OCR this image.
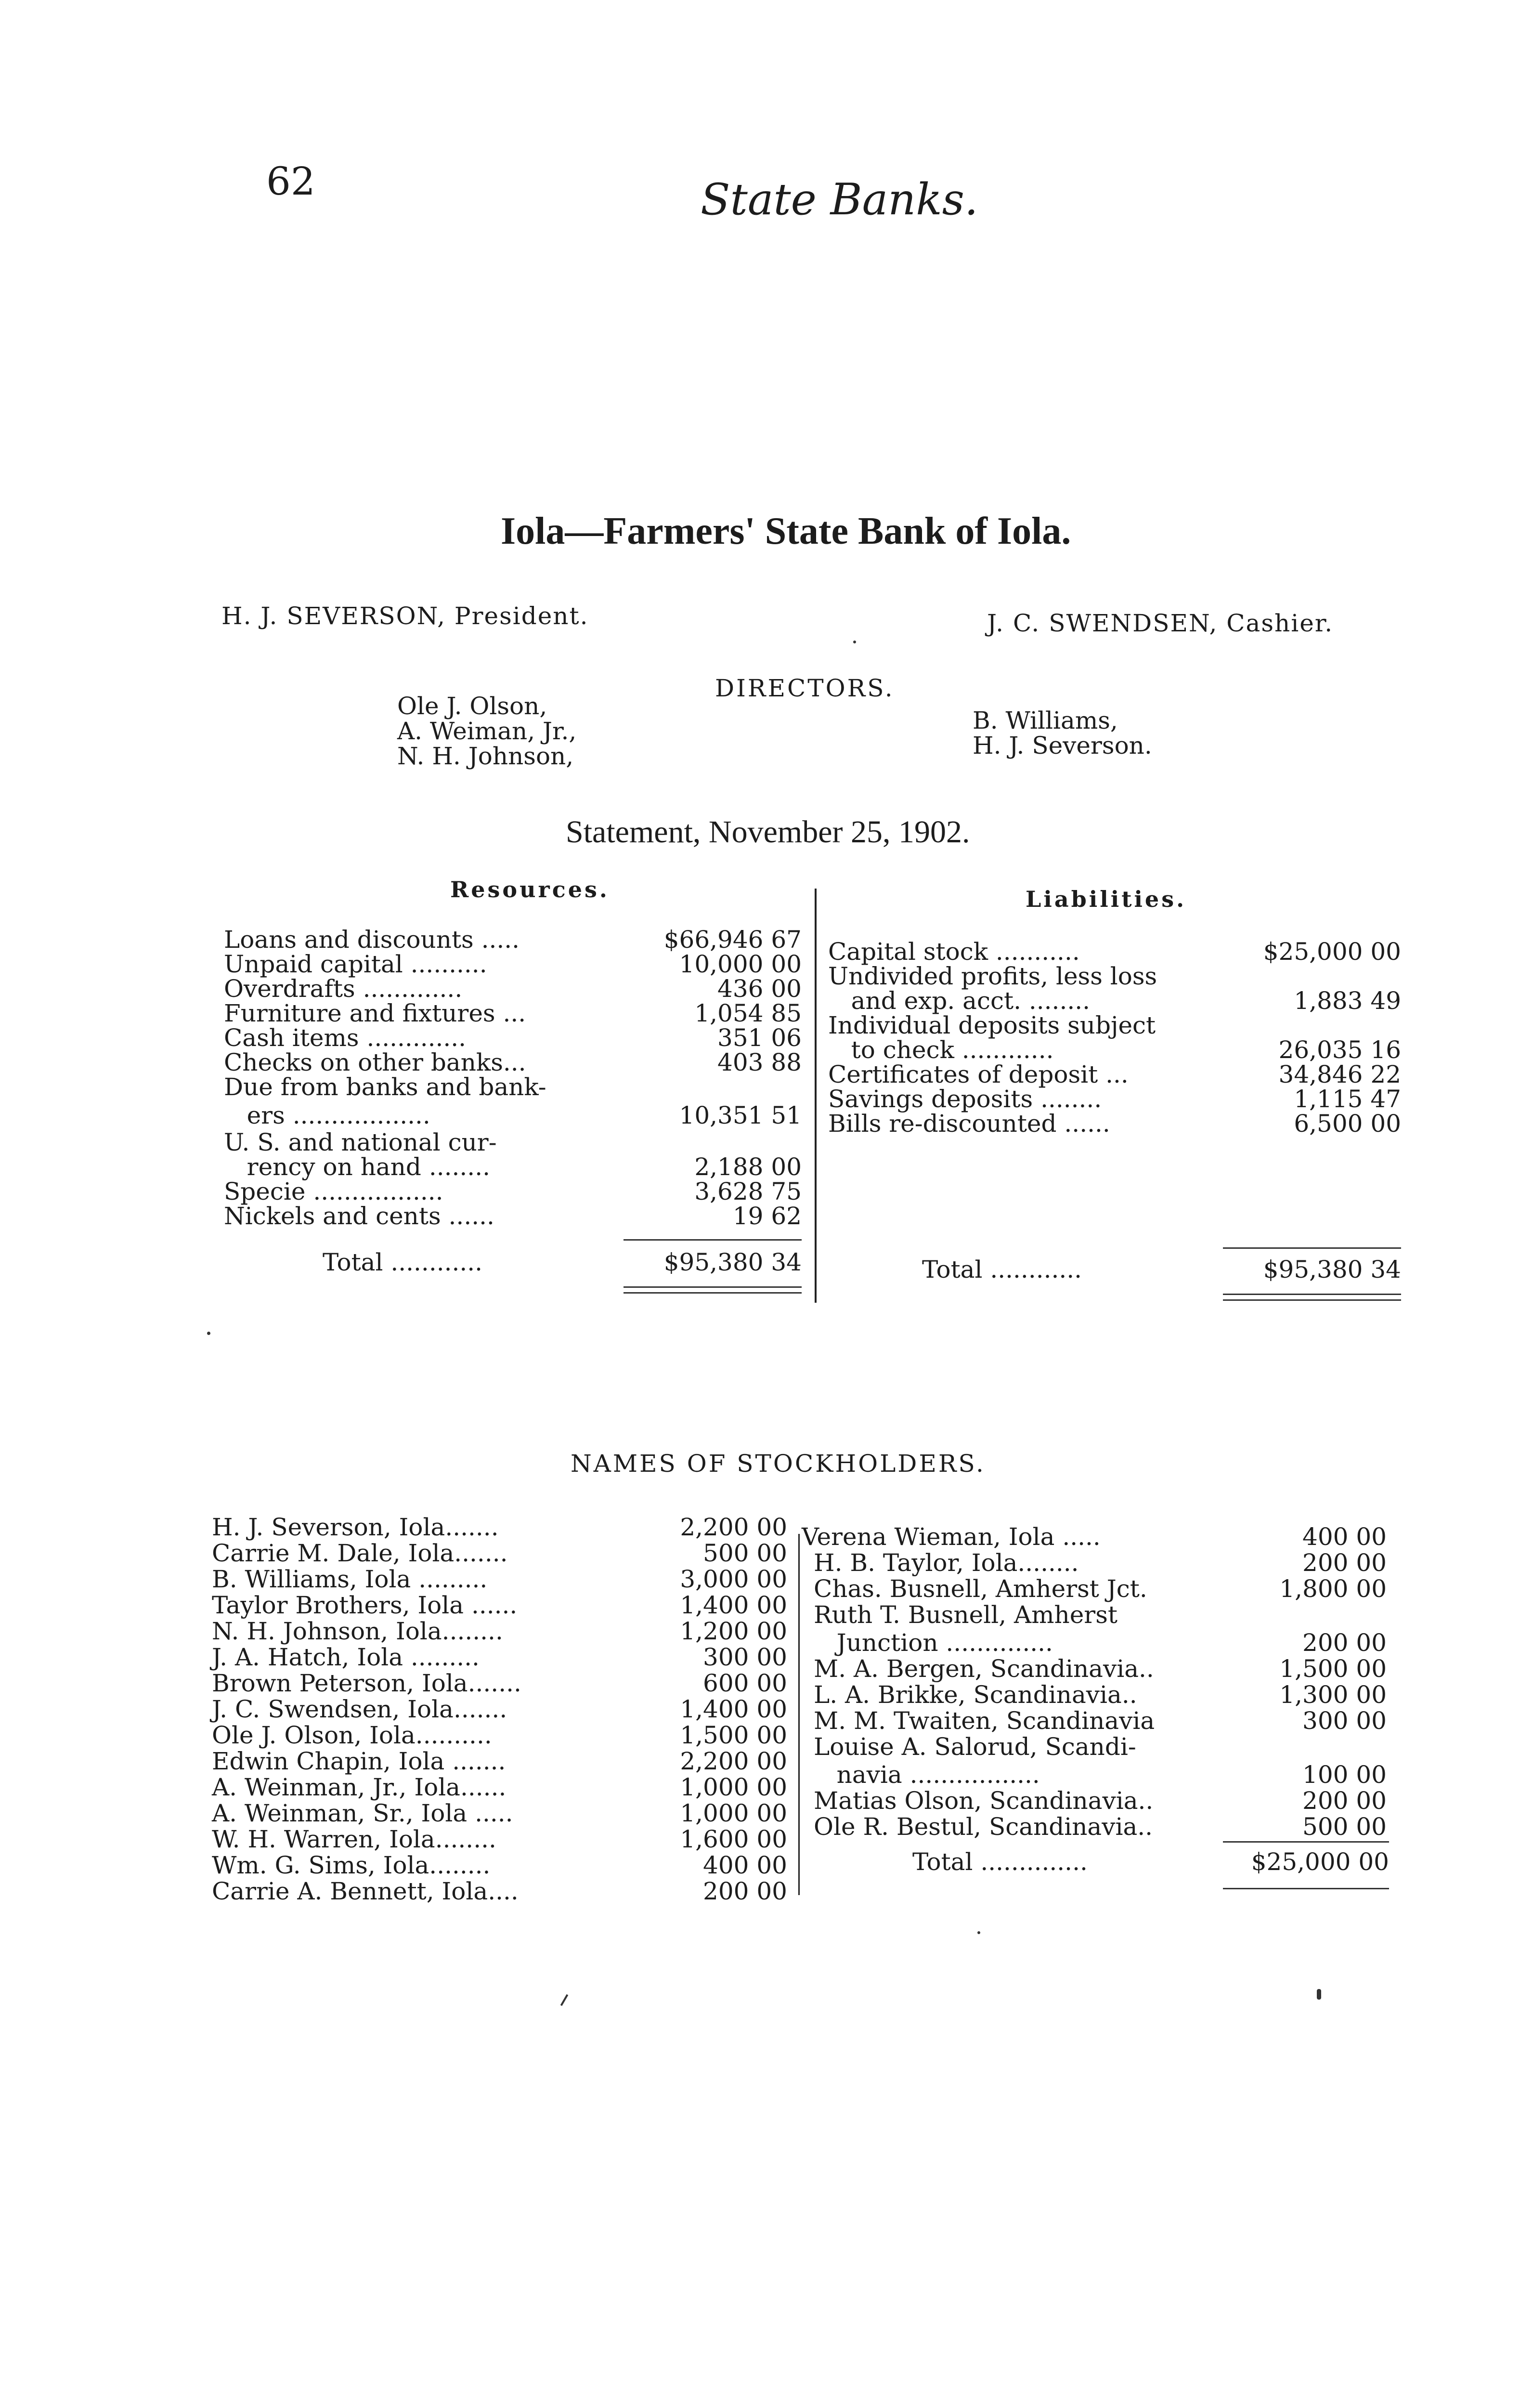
62	State Banks.
Iola—Farmers' State Bank of Iola.
H. J. SEVERSON, President.	J. C. SWENDSEN, Cashier.
DIRECTORS.
Ole J. Olson,
A. Weiman, Jr.,
N. H. Johnson,
B. Williams,
H. J. Severson.
Statement, November 25, 1902.
Resources.	Liabilities.
Loans and discounts .....	$66,946 67
Unpaid capital ..........	10,000 00
Overdrafts .............	436 00
Furniture and fixtures ...	1,054 85
Cash items .............	351 06
Checks on other banks...	403 88
Due from banks and bank-
ers ..................	10,351 51
U. S. and national cur-
rency on hand ........	2,188 00
Specie .................	3,628 75
Nickels and cents ......	19 62
Total ............	$95,380 34
Capital stock ...........	$25,000 00
Undivided profits, less loss
and exp. acct. ........	1,883 49
Individual deposits subject
to check ............	26,035 16
Certificates of deposit ...	34,846 22
Savings deposits ........	1,115 47
Bills re-discounted ......	6,500 00
Total ............	$95,380 34
NAMES OF STOCKHOLDERS.
H. J. Severson, Iola.......	2,200 00
Carrie M. Dale, Iola.......	500 00
B. Williams, Iola .........	3,000 00
Taylor Brothers, Iola ......	1,400 00
N. H. Johnson, Iola........	1,200 00
J. A. Hatch, Iola .........	300 00
Brown Peterson, Iola.......	600 00
J. C. Swendsen, Iola.......	1,400 00
Ole J. Olson, Iola..........	1,500 00
Edwin Chapin, Iola .......	2,200 00
A. Weinman, Jr., Iola......	1,000 00
A. Weinman, Sr., Iola .....	1,000 00
W. H. Warren, Iola........	1,600 00
Wm. G. Sims, Iola........	400 00
Carrie A. Bennett, Iola....	200 00
Verena Wieman, Iola .....	400 00
H. B. Taylor, Iola........	200 00
Chas. Busnell, Amherst Jct.	1,800 00
Ruth T. Busnell, Amherst
Junction ..............	200 00
M. A. Bergen, Scandinavia..	1,500 00
L. A. Brikke, Scandinavia..	1,300 00
M. M. Twaiten, Scandinavia	300 00
Louise A. Salorud, Scandi-
navia .................	100 00
Matias Olson, Scandinavia..	200 00
Ole R. Bestul, Scandinavia..	500 00
Total ..............	$25,000 00
